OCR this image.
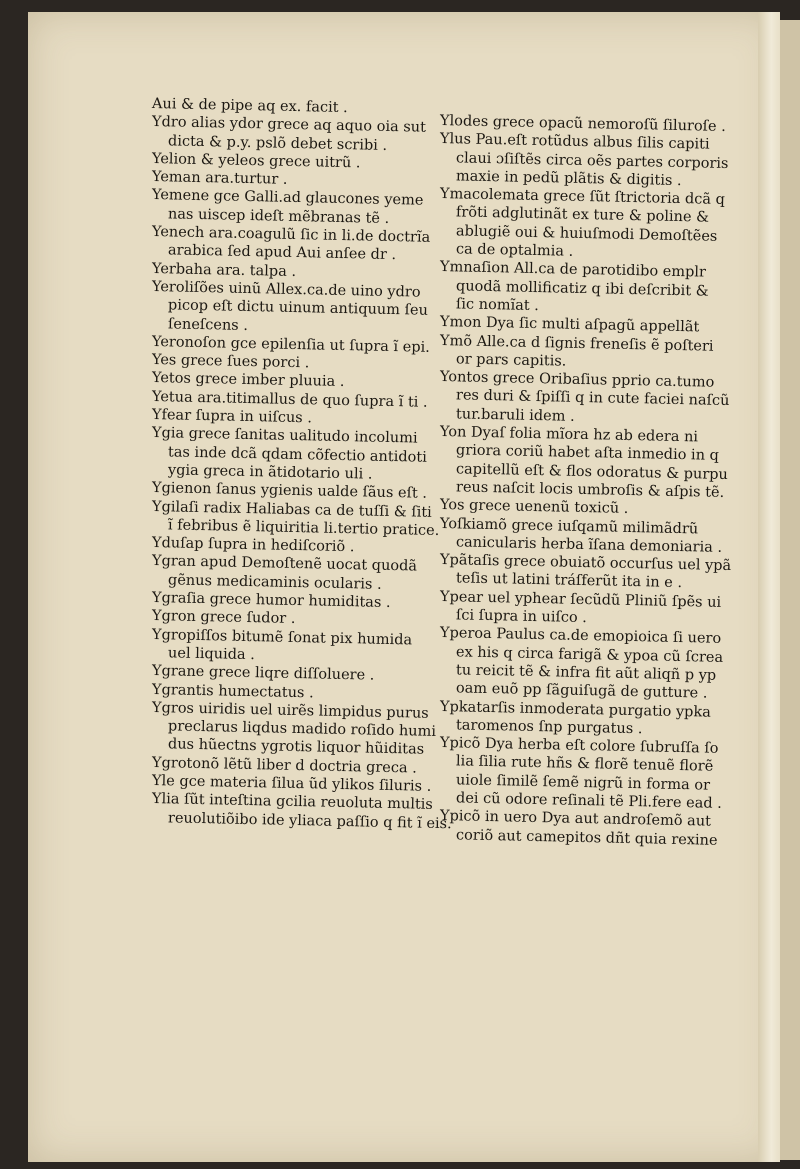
Aui & de pipe aq ex. facit .
Ydro alias ydor grece aq aquo oia sut
dicta & p.y. pslõ debet scribi .
Yelion & yeleos grece uitrũ .
Yeman ara.turtur .
Yemene gce Galli.ad glaucones yeme
nas uiscep ideſt mẽbranas tẽ .
Yenech ara.coagulũ ſic in li.de doctrĩa
arabica ſed apud Aui anſee dr .
Yerbaha ara. talpa .
Yeroliſões uinũ Allex.ca.de uino ydro
picop eſt dictu uinum antiquum ſeu
ſeneſcens .
Yeronoſon gce epilenſia ut ſupra ĩ epi.
Yes grece ſues porci .
Yetos grece imber pluuia .
Yetua ara.titimallus de quo ſupra ĩ ti .
Yfear ſupra in uiſcus .
Ygia grece ſanitas ualitudo incolumi
tas inde dcã qdam cõfectio antidoti
ygia greca in ãtidotario uli .
Ygienon ſanus ygienis ualde ſãus eſt .
Ygilaſi radix Haliabas ca de tuſſi & ſiti
ĩ febribus ẽ liquiritia li.tertio pratice.
Yduſap ſupra in hediſcoriõ .
Ygran apud Demoſtenẽ uocat quodã
gẽnus medicaminis ocularis .
Ygraſia grece humor humiditas .
Ygron grece ſudor .
Ygropiſſos bitumẽ ſonat pix humida
uel liquida .
Ygrane grece liqre diſſoluere .
Ygrantis humectatus .
Ygros uiridis uel uirẽs limpidus purus
preclarus liqdus madido roſido humi
dus hũectns ygrotis liquor hũiditas
Ygrotonõ lẽtũ liber d doctria greca .
Yle gce materia ſilua ũd ylikos ſiluris .
Ylia ſũt inteſtina gcilia reuoluta multis
reuolutiõibo ide yliaca paſſio q fit ĩ eis.
Ylodes grece opacũ nemoroſũ ſiluroſe .
Ylus Pau.eſt rotũdus albus ſilis capiti
claui ɔſiſtẽs circa oẽs partes corporis
maxie in pedũ plãtis & digitis .
Ymacolemata grece ſũt ſtrictoria dcã q
frõti adglutinãt ex ture & poline &
ablugiẽ oui & huiuſmodi Demoſtẽes
ca de optalmia .
Ymnaſion All.ca de parotidibo emplr
quodã mollificatiz q ibi deſcribit &
ſic nomĩat .
Ymon Dya ſic multi aſpagũ appellãt
Ymõ Alle.ca d ſignis freneſis ẽ poſteri
or pars capitis.
Yontos grece Oribaſius pprio ca.tumo
res duri & ſpiſſi q in cute faciei naſcũ
tur.baruli idem .
Yon Dyaſ folia mĩora hz ab edera ni
griora coriũ habet aſta inmedio in q
capitellũ eſt & flos odoratus & purpu
reus naſcit locis umbroſis & aſpis tẽ.
Yos grece uenenũ toxicũ .
Yoſkiamõ grece iuſqamũ milimãdrũ
canicularis herba ĩſana demoniaria .
Ypãtaſis grece obuiatõ occurſus uel ypã
teſis ut latini tráſferũt ita in e .
Ypear uel yphear ſecũdũ Pliniũ ſpẽs ui
ſci ſupra in uiſco .
Yperoa Paulus ca.de emopioica ſi uero
ex his q circa farigã & ypoa cũ ſcrea
tu reicit tẽ & infra fit aũt aliqñ p yp
oam euõ pp ſãguiſugã de gutture .
Ypkatarſis inmoderata purgatio ypka
taromenos ſnp purgatus .
Ypicõ Dya herba eſt colore ſubruſſa ſo
lia ſilia rute hñs & florẽ tenuẽ florẽ
uiole ſimilẽ ſemẽ nigrũ in forma or
dei cũ odore reſinali tẽ Pli.fere ead .
Ypicõ in uero Dya aut androſemõ aut
coriõ aut camepitos dñt quia rexine
